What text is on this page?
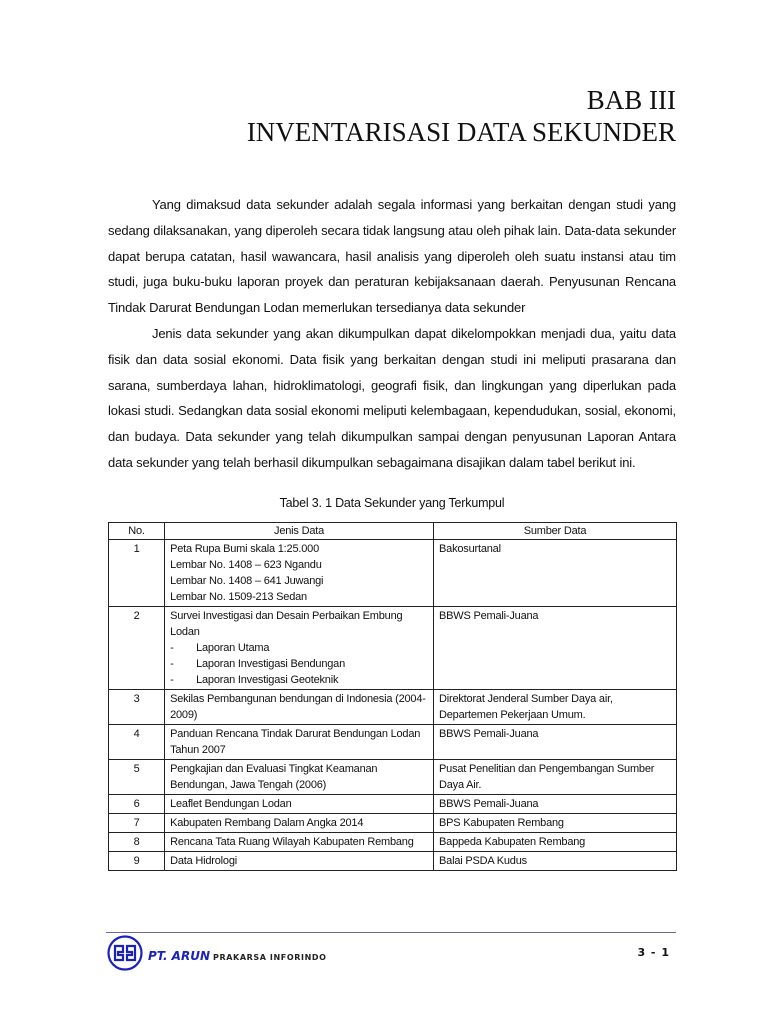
BAB III
INVENTARISASI DATA SEKUNDER

Yang dimaksud data sekunder adalah segala informasi yang berkaitan dengan studi yang sedang dilaksanakan, yang diperoleh secara tidak langsung atau oleh pihak lain. Data-data sekunder dapat berupa catatan, hasil wawancara, hasil analisis yang diperoleh oleh suatu instansi atau tim studi, juga buku-buku laporan proyek dan peraturan kebijaksanaan daerah. Penyusunan Rencana Tindak Darurat Bendungan Lodan memerlukan tersedianya data sekunder

Jenis data sekunder yang akan dikumpulkan dapat dikelompokkan menjadi dua, yaitu data fisik dan data sosial ekonomi. Data fisik yang berkaitan dengan studi ini meliputi prasarana dan sarana, sumberdaya lahan, hidroklimatologi, geografi fisik, dan lingkungan yang diperlukan pada lokasi studi. Sedangkan data sosial ekonomi meliputi kelembagaan, kependudukan, sosial, ekonomi, dan budaya. Data sekunder yang telah dikumpulkan sampai dengan penyusunan Laporan Antara data sekunder yang telah berhasil dikumpulkan sebagaimana disajikan dalam tabel berikut ini.

Tabel 3. 1 Data Sekunder yang Terkumpul
No.	Jenis Data	Sumber Data
1	Peta Rupa Bumi skala 1:25.000
Lembar No. 1408 – 623 Ngandu
Lembar No. 1408 – 641 Juwangi
Lembar No. 1509-213 Sedan	Bakosurtanal
2	Survei Investigasi dan Desain Perbaikan Embung Lodan
- Laporan Utama
- Laporan Investigasi Bendungan
- Laporan Investigasi Geoteknik	BBWS Pemali-Juana
3	Sekilas Pembangunan bendungan di Indonesia (2004-2009)	Direktorat Jenderal Sumber Daya air, Departemen Pekerjaan Umum.
4	Panduan Rencana Tindak Darurat Bendungan Lodan Tahun 2007	BBWS Pemali-Juana
5	Pengkajian dan Evaluasi Tingkat Keamanan Bendungan, Jawa Tengah (2006)	Pusat Penelitian dan Pengembangan Sumber Daya Air.
6	Leaflet Bendungan Lodan	BBWS Pemali-Juana
7	Kabupaten Rembang Dalam Angka 2014	BPS Kabupaten Rembang
8	Rencana Tata Ruang Wilayah Kabupaten Rembang	Bappeda Kabupaten Rembang
9	Data Hidrologi	Balai PSDA Kudus
PT. ARUN PRAKARSA INFORINDO	3 - 1
